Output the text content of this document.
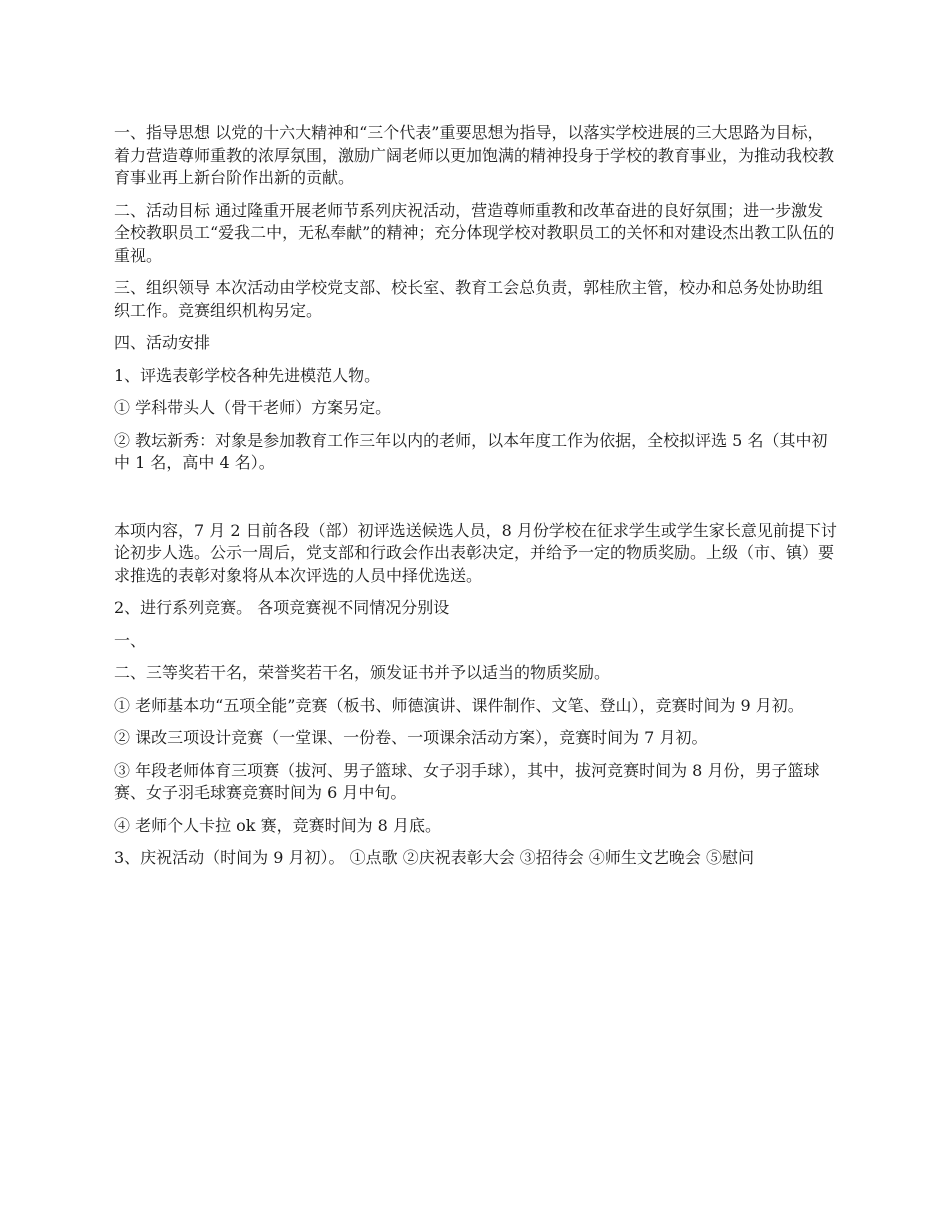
一、指导思想 以党的十六大精神和“三个代表”重要思想为指导，以落实学校进展的三大思路为目标，着力营造尊师重教的浓厚氛围，激励广阔老师以更加饱满的精神投身于学校的教育事业，为推动我校教育事业再上新台阶作出新的贡献。

二、活动目标 通过隆重开展老师节系列庆祝活动，营造尊师重教和改革奋进的良好氛围；进一步激发全校教职员工“爱我二中，无私奉献”的精神；充分体现学校对教职员工的关怀和对建设杰出教工队伍的重视。

三、组织领导 本次活动由学校党支部、校长室、教育工会总负责，郭桂欣主管，校办和总务处协助组织工作。竞赛组织机构另定。

四、活动安排

1、评选表彰学校各种先进模范人物。

① 学科带头人（骨干老师）方案另定。

② 教坛新秀：对象是参加教育工作三年以内的老师，以本年度工作为依据，全校拟评选 5 名（其中初中 1 名，高中 4 名）。

本项内容，7 月 2 日前各段（部）初评选送候选人员，8 月份学校在征求学生或学生家长意见前提下讨论初步人选。公示一周后，党支部和行政会作出表彰决定，并给予一定的物质奖励。上级（市、镇）要求推选的表彰对象将从本次评选的人员中择优选送。

2、进行系列竞赛。 各项竞赛视不同情况分别设

一、

二、三等奖若干名，荣誉奖若干名，颁发证书并予以适当的物质奖励。

① 老师基本功“五项全能”竞赛（板书、师德演讲、课件制作、文笔、登山），竞赛时间为 9 月初。

② 课改三项设计竞赛（一堂课、一份卷、一项课余活动方案），竞赛时间为 7 月初。

③ 年段老师体育三项赛（拔河、男子篮球、女子羽手球），其中，拔河竞赛时间为 8 月份，男子篮球赛、女子羽毛球赛竞赛时间为 6 月中旬。

④ 老师个人卡拉 ok 赛，竞赛时间为 8 月底。

3、庆祝活动（时间为 9 月初）。 ①点歌 ②庆祝表彰大会 ③招待会 ④师生文艺晚会 ⑤慰问
